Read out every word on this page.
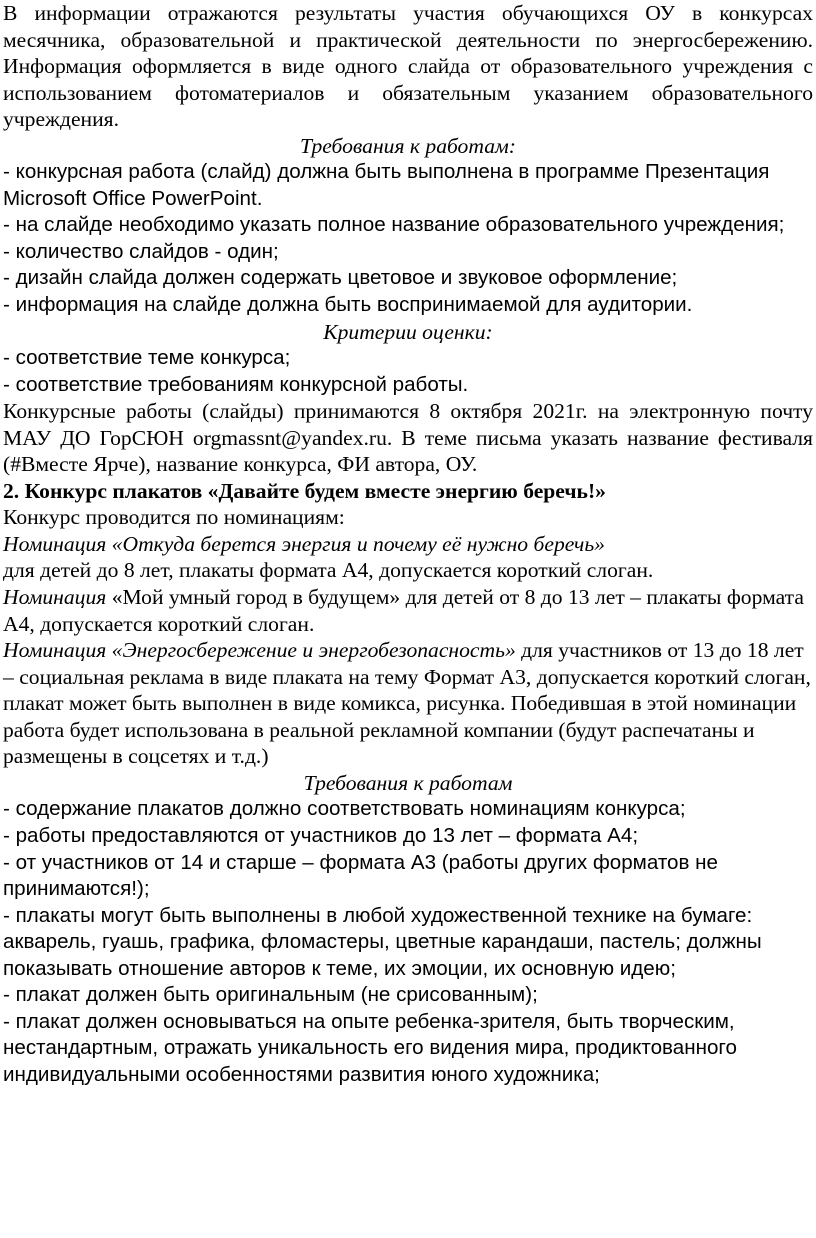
В информации отражаются результаты участия обучающихся ОУ в конкурсах месячника, образовательной и практической деятельности по энергосбережению. Информация оформляется в виде одного слайда от образовательного учреждения с использованием фотоматериалов и обязательным указанием образовательного учреждения.

Требования к работам:

- конкурсная работа (слайд) должна быть выполнена в программе Презентация Microsoft Office PowerPoint.

- на слайде необходимо указать полное название образовательного учреждения;

- количество слайдов - один;

- дизайн слайда должен содержать цветовое и звуковое оформление;

- информация на слайде должна быть воспринимаемой для аудитории.

Критерии оценки:

- соответствие теме конкурса;

- соответствие требованиям конкурсной работы.

Конкурсные работы (слайды) принимаются 8 октября 2021г. на электронную почту МАУ ДО ГорСЮН orgmassnt@yandex.ru. В теме письма указать название фестиваля (#Вместе Ярче), название конкурса, ФИ автора, ОУ.

2. Конкурс плакатов «Давайте будем вместе энергию беречь!»

Конкурс проводится по номинациям:

Номинация «Откуда берется энергия и почему её нужно беречь»
для детей до 8 лет, плакаты формата А4, допускается короткий слоган.

Номинация «Мой умный город в будущем» для детей от 8 до 13 лет – плакаты формата А4, допускается короткий слоган.

Номинация «Энергосбережение и энергобезопасность» для участников от 13 до 18 лет – социальная реклама в виде плаката на тему Формат А3, допускается короткий слоган, плакат может быть выполнен в виде комикса, рисунка. Победившая в этой номинации работа будет использована в реальной рекламной компании (будут распечатаны и размещены в соцсетях и т.д.)

Требования к работам

- содержание плакатов должно соответствовать номинациям конкурса;

- работы предоставляются от участников до 13 лет – формата А4;

- от участников от 14 и старше – формата А3 (работы других форматов не принимаются!);

- плакаты могут быть выполнены в любой художественной технике на бумаге: акварель, гуашь, графика, фломастеры, цветные карандаши, пастель; должны показывать отношение авторов к теме, их эмоции, их основную идею;

- плакат должен быть оригинальным (не срисованным);

- плакат должен основываться на опыте ребенка-зрителя, быть творческим, нестандартным, отражать уникальность его видения мира, продиктованного индивидуальными особенностями развития юного художника;
